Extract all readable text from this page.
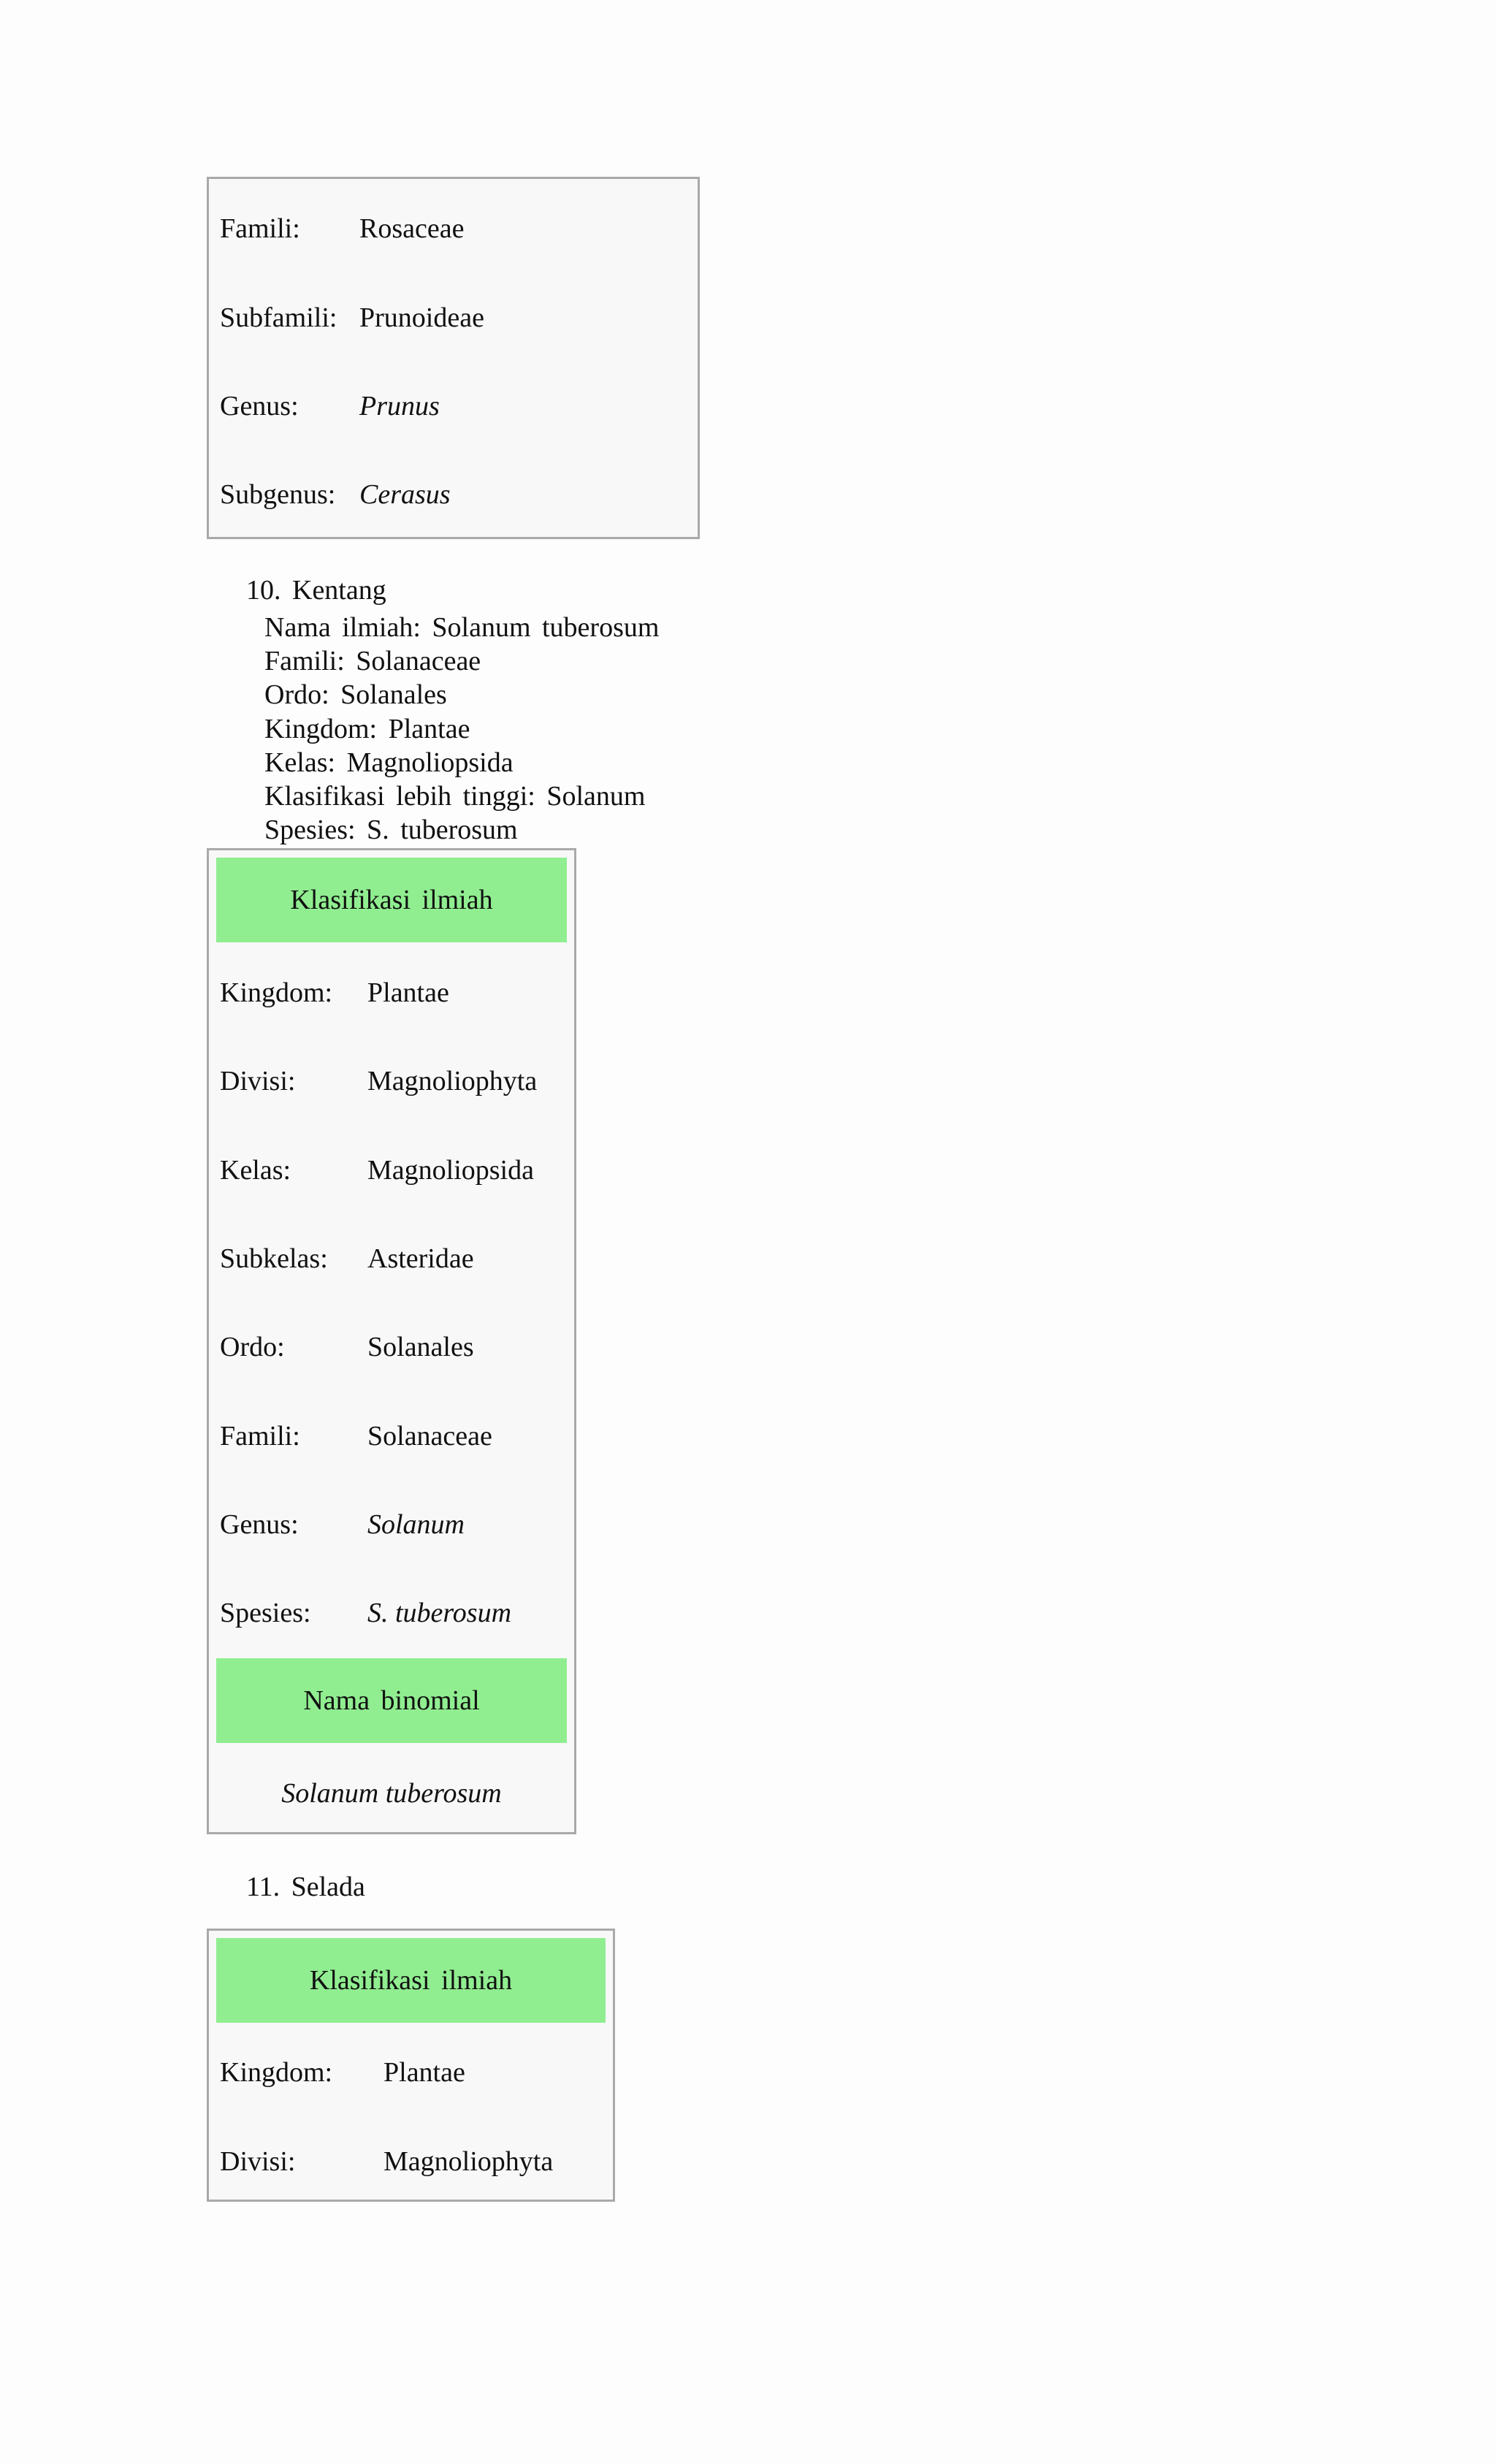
Famili: Rosaceae
Subfamili: Prunoideae
Genus: Prunus
Subgenus: Cerasus
10. Kentang
Nama ilmiah: Solanum tuberosum
Famili: Solanaceae
Ordo: Solanales
Kingdom: Plantae
Kelas: Magnoliopsida
Klasifikasi lebih tinggi: Solanum
Spesies: S. tuberosum
Klasifikasi ilmiah
Kingdom: Plantae
Divisi:	Magnoliophyta
Kelas:	Magnoliopsida
Subkelas: Asteridae
Ordo:	Solanales
Famili: Solanaceae
Genus: Solanum
Spesies: S. tuberosum
Nama binomial
Solanum tuberosum
11. Selada
Klasifikasi ilmiah
Kingdom: Plantae
Divisi:	Magnoliophyta
